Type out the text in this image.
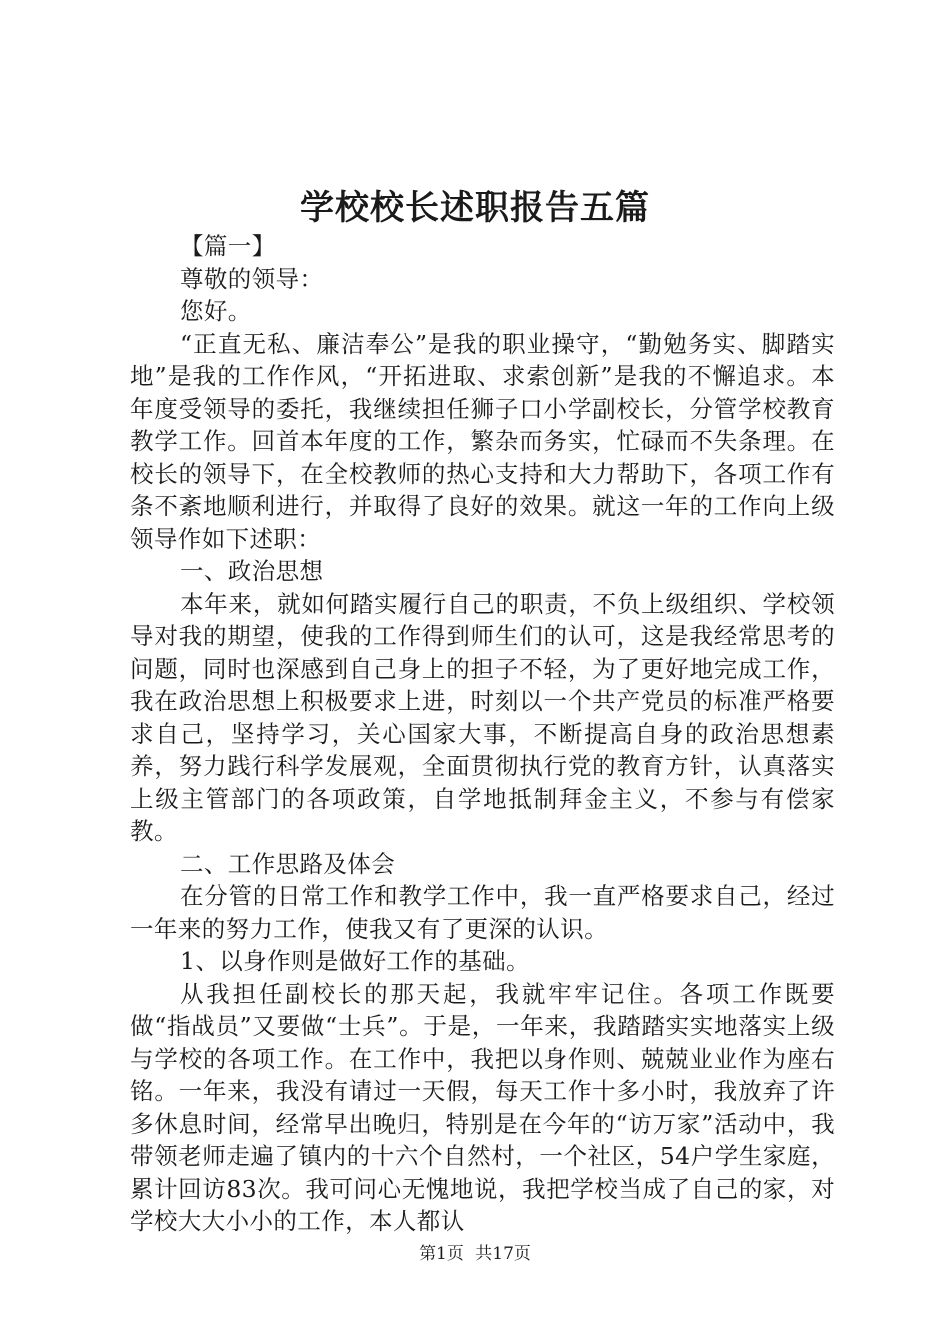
学校校长述职报告五篇

【篇一】

尊敬的领导：

您好。

“正直无私、廉洁奉公”是我的职业操守，“勤勉务实、脚踏实地”是我的工作作风，“开拓进取、求索创新”是我的不懈追求。本年度受领导的委托，我继续担任狮子口小学副校长，分管学校教育教学工作。回首本年度的工作，繁杂而务实，忙碌而不失条理。在校长的领导下，在全校教师的热心支持和大力帮助下，各项工作有条不紊地顺利进行，并取得了良好的效果。就这一年的工作向上级领导作如下述职：

一、政治思想

本年来，就如何踏实履行自己的职责，不负上级组织、学校领导对我的期望，使我的工作得到师生们的认可，这是我经常思考的问题，同时也深感到自己身上的担子不轻，为了更好地完成工作，我在政治思想上积极要求上进，时刻以一个共产党员的标准严格要求自己，坚持学习，关心国家大事，不断提高自身的政治思想素养，努力践行科学发展观，全面贯彻执行党的教育方针，认真落实上级主管部门的各项政策，自学地抵制拜金主义，不参与有偿家教。

二、工作思路及体会

在分管的日常工作和教学工作中，我一直严格要求自己，经过一年来的努力工作，使我又有了更深的认识。

1、以身作则是做好工作的基础。

从我担任副校长的那天起，我就牢牢记住。各项工作既要做“指战员”又要做“士兵”。于是，一年来，我踏踏实实地落实上级与学校的各项工作。在工作中，我把以身作则、兢兢业业作为座右铭。一年来，我没有请过一天假，每天工作十多小时，我放弃了许多休息时间，经常早出晚归，特别是在今年的“访万家”活动中，我带领老师走遍了镇内的十六个自然村，一个社区，54户学生家庭，累计回访83次。我可问心无愧地说，我把学校当成了自己的家，对学校大大小小的工作，本人都认

第1页 共17页
